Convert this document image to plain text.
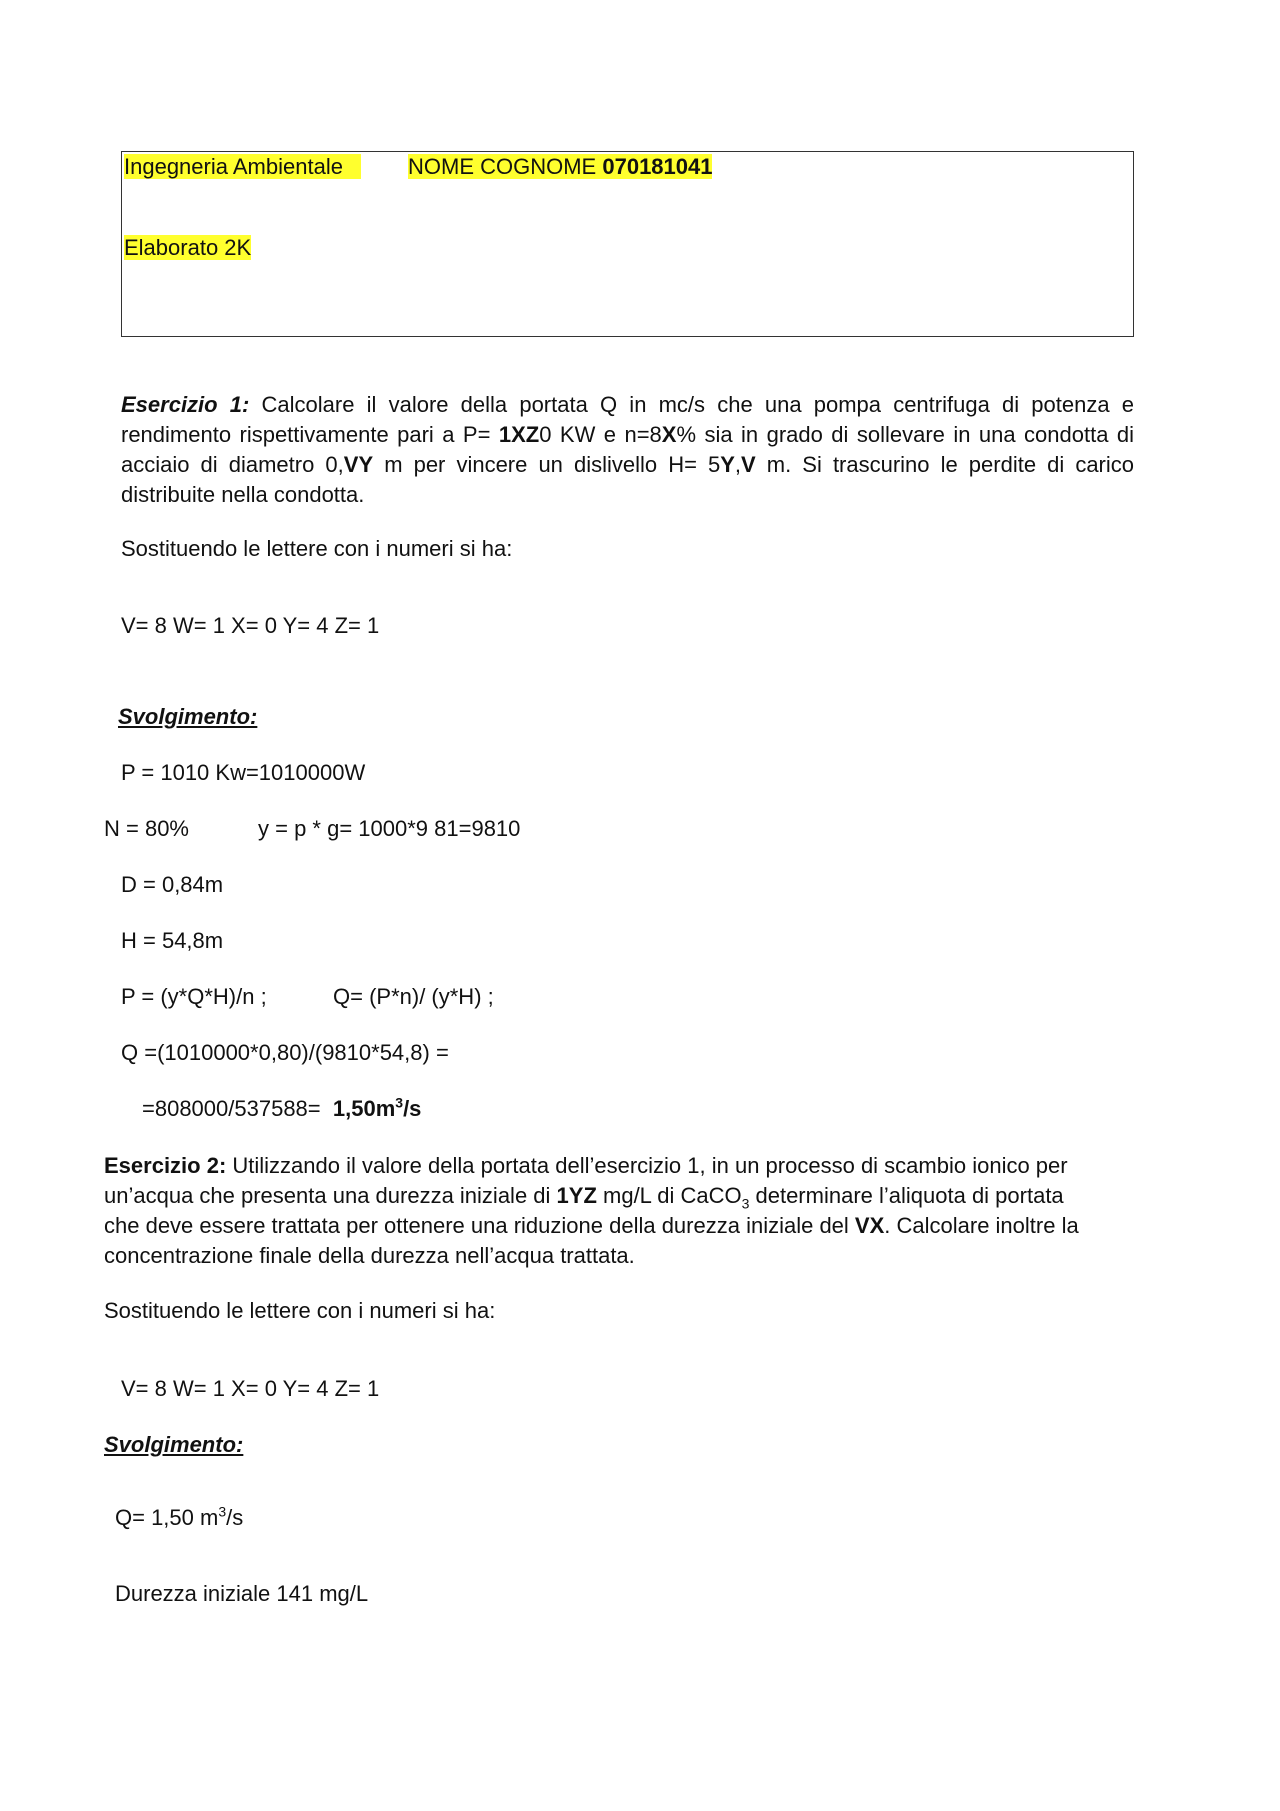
Ingegneria Ambientale	NOME COGNOME 070181041
Elaborato 2K
Esercizio 1: Calcolare il valore della portata Q in mc/s che una pompa centrifuga di potenza e rendimento rispettivamente pari a P= 1XZ0 KW e n=8X% sia in grado di sollevare in una condotta di acciaio di diametro 0,VY m per vincere un dislivello H= 5Y,V m. Si trascurino le perdite di carico distribuite nella condotta.
Sostituendo le lettere con i numeri si ha:
V= 8 W= 1 X= 0 Y= 4 Z= 1
Svolgimento:
P = 1010 Kw=1010000W
N = 80%	y = p * g= 1000*9 81=9810
D = 0,84m
H = 54,8m
P = (y*Q*H)/n ;	Q= (P*n)/ (y*H) ;
Q =(1010000*0,80)/(9810*54,8) =
$=808000/537588= 1,50m^3/s$
Esercizio 2: Utilizzando il valore della portata dell’esercizio 1, in un processo di scambio ionico per un’acqua che presenta una durezza iniziale di 1YZ mg/L di CaCO$_3$ determinare l’aliquota di portata che deve essere trattata per ottenere una riduzione della durezza iniziale del VX. Calcolare inoltre la concentrazione finale della durezza nell’acqua trattata.
Sostituendo le lettere con i numeri si ha:
V= 8 W= 1 X= 0 Y= 4 Z= 1
Svolgimento:
Q= 1,50 $m^3/s$
Durezza iniziale 141 mg/L
